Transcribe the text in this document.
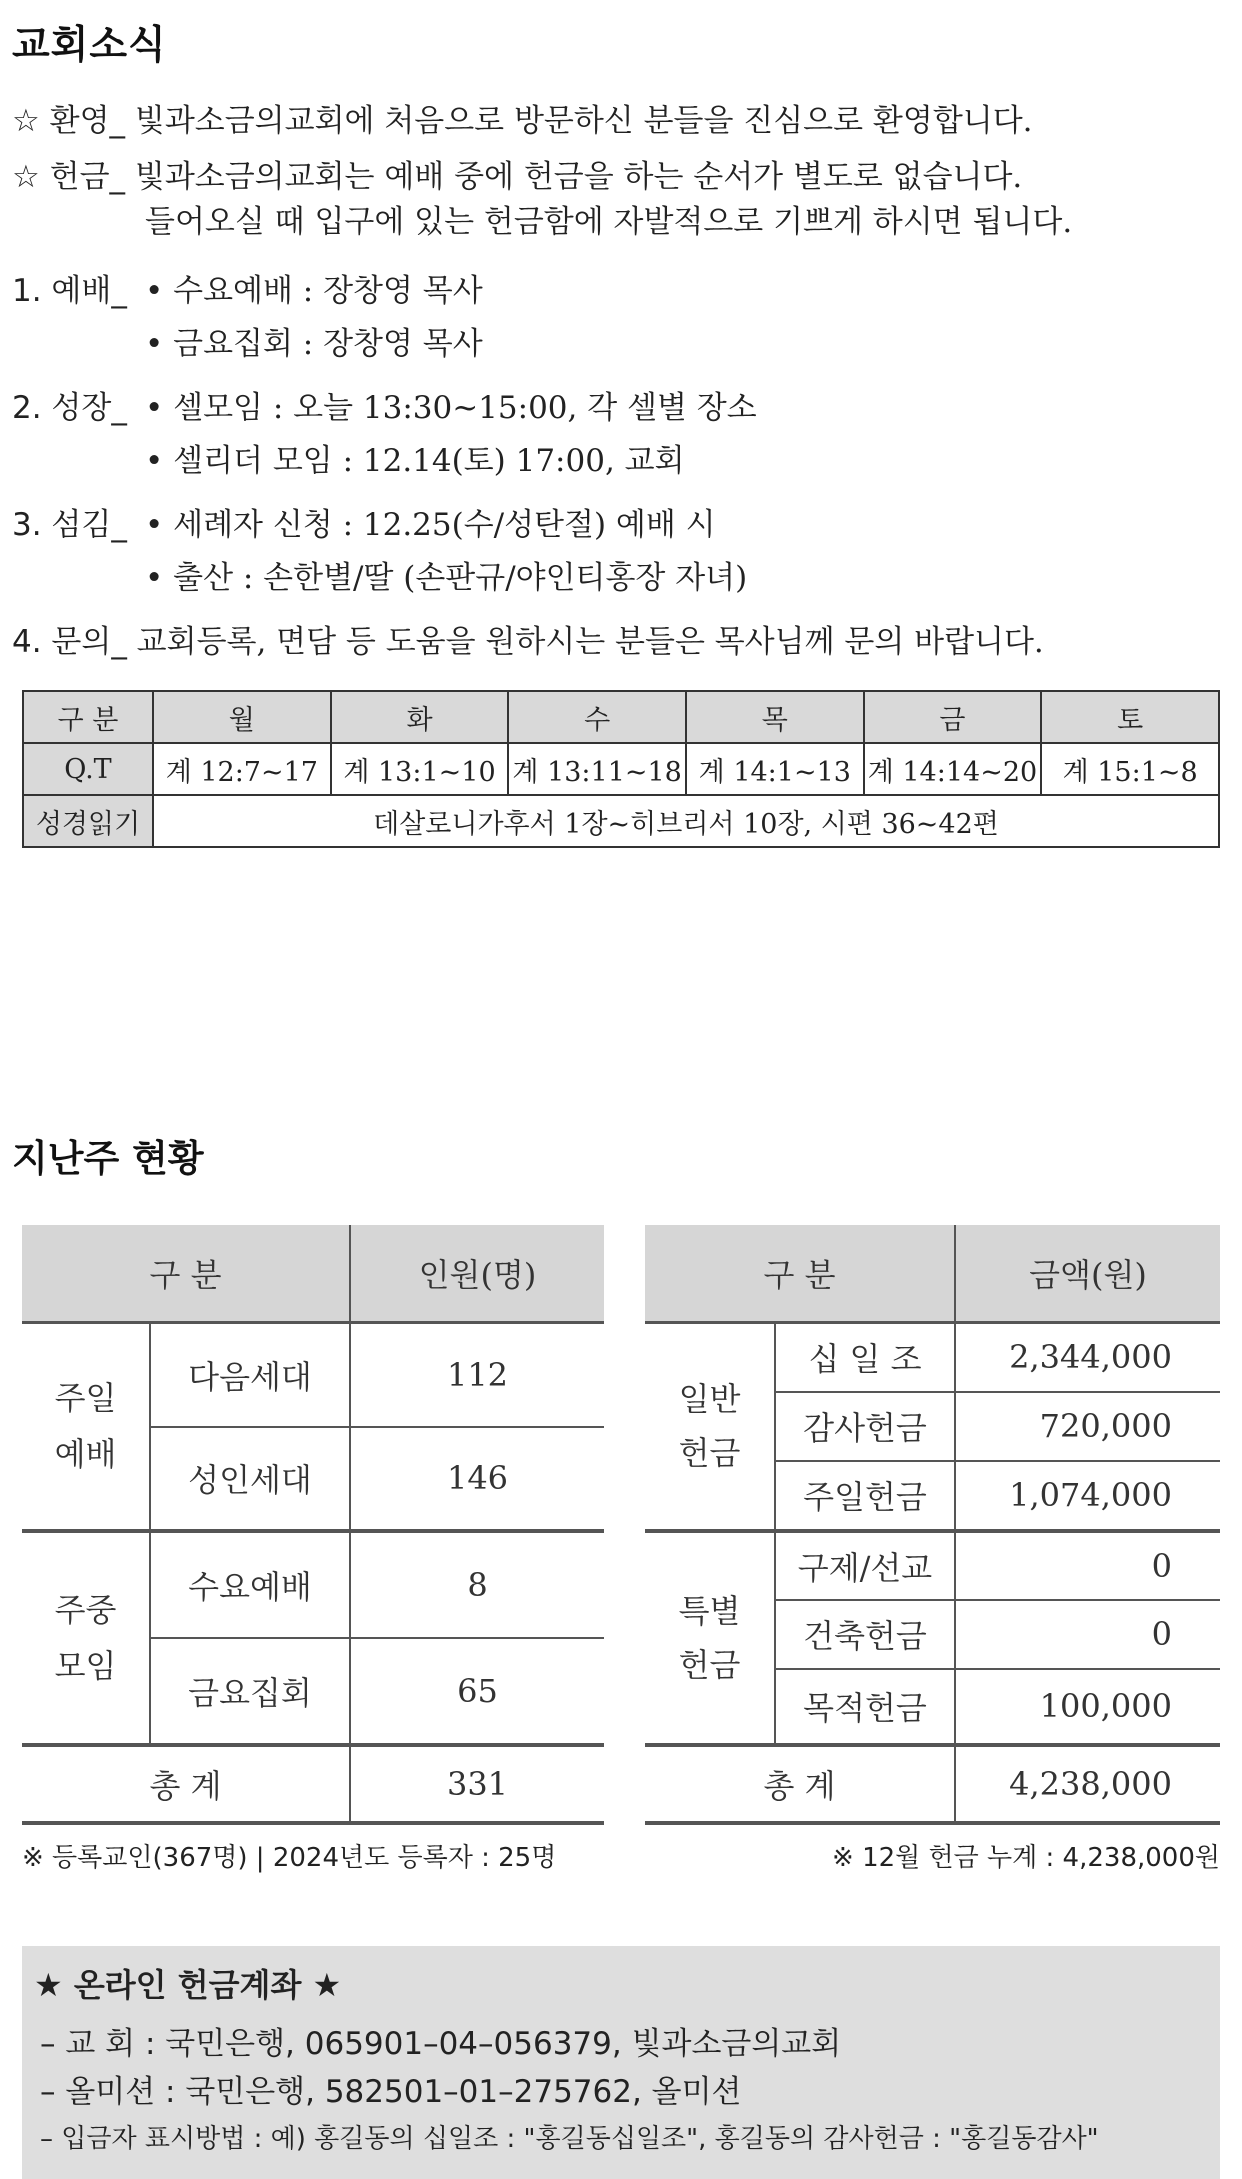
교회소식
☆ 환영_ 빛과소금의교회에 처음으로 방문하신 분들을 진심으로 환영합니다.
☆ 헌금_ 빛과소금의교회는 예배 중에 헌금을 하는 순서가 별도로 없습니다.
들어오실 때 입구에 있는 헌금함에 자발적으로 기쁘게 하시면 됩니다.
1. 예배_ • 수요예배 : 장창영 목사
• 금요집회 : 장창영 목사
2. 성장_ • 셀모임 : 오늘 13:30~15:00, 각 셀별 장소
• 셀리더 모임 : 12.14(토) 17:00, 교회
3. 섬김_ • 세례자 신청 : 12.25(수/성탄절) 예배 시
• 출산 : 손한별/딸 (손판규/야인티홍장 자녀)
4. 문의_ 교회등록, 면담 등 도움을 원하시는 분들은 목사님께 문의 바랍니다.
구 분	월	화	수	목	금	토
Q.T	계 12:7~17	계 13:1~10	계 13:11~18	계 14:1~13	계 14:14~20	계 15:1~8
성경읽기	데살로니가후서 1장~히브리서 10장, 시편 36~42편					
지난주 현황
구 분		인원(명)
주일
예배	다음세대	112
	성인세대	146
주중
모임	수요예배	8
	금요집회	65
총 계		331
구 분		금액(원)
일반
헌금	십 일 조	2,344,000
	감사헌금	720,000
	주일헌금	1,074,000
특별
헌금	구제/선교	0
	건축헌금	0
	목적헌금	100,000
총 계		4,238,000
※ 등록교인(367명) | 2024년도 등록자 : 25명	※ 12월 헌금 누계 : 4,238,000원
★ 온라인 헌금계좌 ★
– 교 회 : 국민은행, 065901–04–056379, 빛과소금의교회
– 올미션 : 국민은행, 582501–01–275762, 올미션
– 입금자 표시방법 : 예) 홍길동의 십일조 : "홍길동십일조", 홍길동의 감사헌금 : "홍길동감사"
